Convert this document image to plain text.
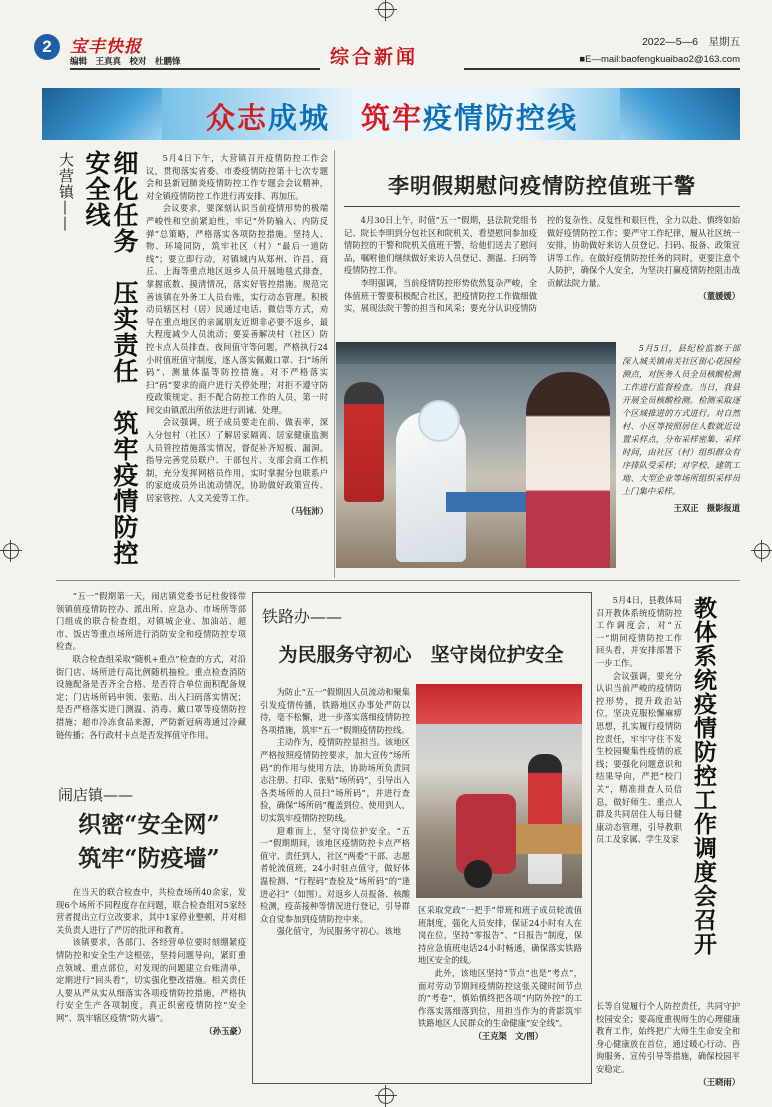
2	宝丰快报
编辑　王真真　校对　杜鹏锋	综合新闻
2022—5—6　星期五
■E—mail:baofengkuaibao2@163.com
众志成城　筑牢疫情防控线
大营镇——	细化任务　压实责任　筑牢疫情防控安全线	5月4日下午，大营镇召开疫情防控工作会议，贯彻落实省委、市委疫情防控第十七次专题会和县新冠肺炎疫情防控工作专题会会议精神，对全镇疫情防控工作进行再安排、再加压。

会议要求，要深刻认识当前疫情形势的极端严峻性和空前紧迫性，牢记“外防输入、内防反弹”总策略，严格落实各项防控措施。坚持人、物、环境同防，筑牢社区（村）“最后一道防线”；要立即行动，对镇域内从郑州、许昌、商丘、上海等重点地区返乡人员开展地毯式排查，掌握底数、摸清情况，落实好管控措施。规范完善该镇在外务工人员台账，实行动态管理。积极动员辖区村（居）民通过电话、微信等方式，劝导在重点地区的亲属朋友近期非必要不返乡，最大程度减少人员流动；要妥善解决村（社区）防控卡点人员排查、夜间值守等问题，严格执行24小时值班值守制度，逐人落实佩戴口罩、扫“场所码”、测量体温等防控措施。对不严格落实扫“码”要求的商户进行关停处理；对拒不遵守防疫政策规定、拒不配合防控工作的人员，第一时间交由镇派出所依法进行训诫、处理。

会议强调，班子成员要走在前、做表率，深入分包村（社区）了解居家隔离、居家健康监测人员管控措施落实情况，督促补齐短板、漏洞。指导完善党员联户、干部包片、支部会商工作机制，充分发挥网格员作用，实时掌握分包联系户的家庭成员外出流动情况，协助做好政策宣传、居家管控、人文关爱等工作。

（马钰沛）
李明假期慰问疫情防控值班干警

4月30日上午，时值“五一”假期，县法院党组书记、院长李明到分包社区和院机关，看望慰问参加疫情防控的干警和院机关值班干警，给他们送去了慰问品，嘱咐他们继续做好来访人员登记、测温、扫码等疫情防控工作。

李明强调，当前疫情防控形势依然复杂严峻，全体值班干警要积极配合社区，把疫情防控工作做细做实，展现法院干警的担当和风采；要充分认识疫情防控的复杂性、反复性和艰巨性，全力以赴、慎终如始做好疫情防控工作；要严守工作纪律，履从社区统一安排，协助做好来访人员登记、扫码、报备、政策宣讲等工作。在做好疫情防控任务的同时，更要注意个人防护，确保个人安全，为坚决打赢疫情防控阻击战贡献法院力量。

（董媛媛）
5月5日，县纪检监察干部深入城关镇南关社区街心花园检测点，对医务人员全员核酸检测工作进行监督检查。当日，我县开展全员核酸检测。检测采取逐个区域推进的方式进行。对自然村、小区等按照居住人数就近设置采样点，分布采样密集、采样时间，由社区（村）组织群众有序排队受采样；对学校、建筑工地、大型企业等场所组织采样员上门集中采样。
王双正　摄影报道

“五一”假期第一天，闹店镇党委书记杜俊锋带领镇值疫情防控办、派出所、应急办、市场所等部门组成的联合检查组，对镇城企业、加油站、超市、饭店等重点场所进行消防安全和疫情防控专项检查。

联合检查组采取“随机+重点”检查的方式，对沿街门店、场所进行高比例随机抽检。重点检查消防设施配备是否齐全合格、是否符合单位面积配备规定；门店场所码申领、张贴、出入扫码落实情况；是否严格落实进门测温、消毒、戴口罩等疫情防控措施；超市冷冻食品来源，严防新冠病毒通过冷藏链传播；各行政村卡点是否发挥值守作用。

闹店镇——
织密“安全网”
筑牢“防疫墙”

在当天的联合检查中，共检查场所40余家，发现6个场所不同程度存在问题，联合检查组对5家经营者提出立行立改要求，其中1家停业整顿，并对相关负责人进行了严厉的批评和教育。

该镇要求，各部门、各经营单位要时刻绷紧疫情防控和安全生产这根弦，坚持问题导向，紧盯重点领域、重点部位，对发现的问题建立台账清单，定期进行“回头看”，切实强化整改措施。相关责任人要从严从实从细落实各项疫情防控措施，严格执行安全生产各项制度，真正织密疫情防控“安全网”、筑牢辖区疫情“防火墙”。

（孙玉豪）
铁路办——
为民服务守初心　坚守岗位护安全

为防止“五一”假期因人员流动和聚集引发疫情传播，铁路地区办事处严防以待，毫不松懈，进一步落实落细疫情防控各项措施，筑牢“五一”假期疫情防控线。

主动作为，疫情防控显担当。该地区严格按照疫情防控要求，加大宣传“场所码”的作用与使用方法，协助场所负责同志注册、打印、张贴“场所码”，引导出入各类场所的人员扫“场所码”，并进行查验，确保“场所码”覆盖到位、使用到人，切实筑牢疫情防控防线。

迎难而上，坚守岗位护安全。“五一”假期期间，该地区疫情防控卡点严格值守、责任到人，社区“两委”干部、志愿者轮流值班，24小时驻点值守，做好体温检测、“行程码”查验及“场所码”的“逢进必扫”（如图）。对返乡人员报备、核酸检测，疫苗接种等情况进行登记，引导群众自觉参加到疫情防控中来。

强化值守，为民服务守初心。该地

区采取党政“一把手”带班和班子成员轮流值班制度，强化人员安排，保证24小时有人在岗在位，坚持“零报告”、“日报告”制度，保持应急值班电话24小时畅通，确保落实铁路地区安全的线。

此外，该地区坚持“节点”也是“考点”，面对劳动节期间疫情防控这张关键时间节点的“考卷”，慎始慎终把各项“内防外控”的工作落实落细落到位，用担当作为的背影筑牢铁路地区人民群众的生命健康“安全线”。

（王克渠　文/图）

5月4日，县教体局召开教体系统疫情防控工作调度会，对“五一”期间疫情防控工作回头看，并安排部署下一步工作。

会议强调，要充分认识当前严峻的疫情防控形势，提升政治站位，坚决克服松懈麻痹思想，扎实履行疫情防控责任，牢牢守住不发生校园聚集性疫情的底线；要强化问题意识和结果导向，严把“校门关”，精准排查人员信息，做好师生、重点人群及共同居住人每日健康动态管理，引导教职员工及家属、学生及家 教体系统疫情防控工作调度会召开

长等自觉履行个人防控责任，共同守护校园安全；要高度重视师生的心理健康教育工作，始终把广大师生生命安全和身心健康放在首位，通过暖心行动、咨询服务、宣传引导等措施，确保校园平安稳定。

（王晓雨）
